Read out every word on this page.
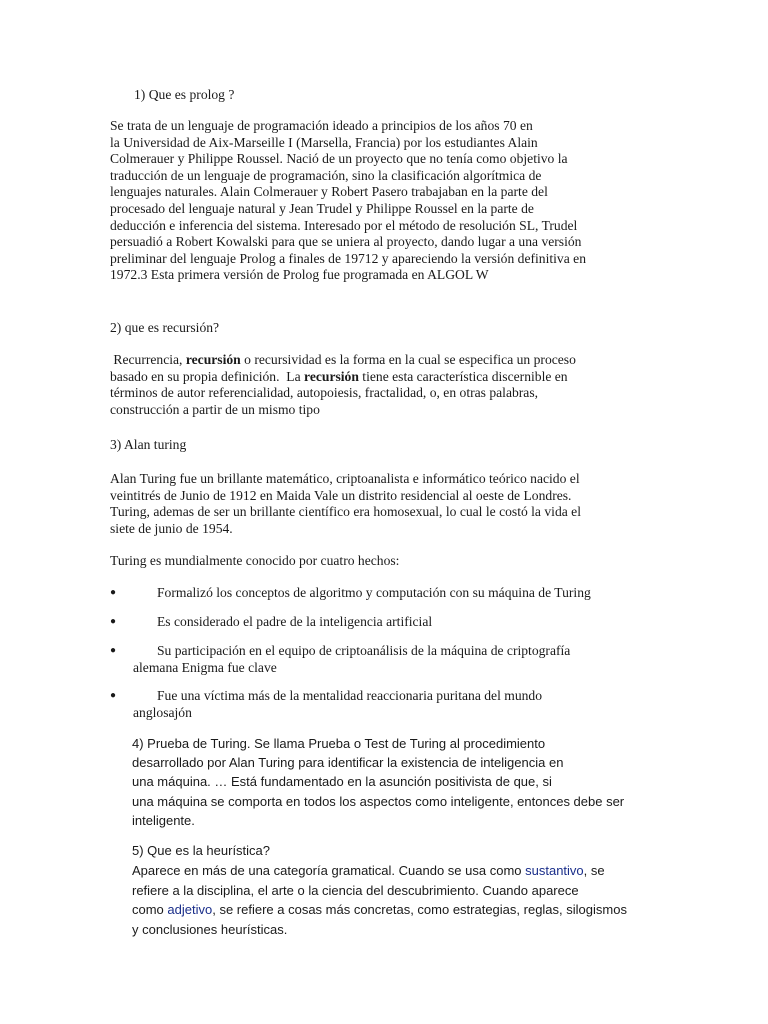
1) Que es prolog ?

Se trata de un lenguaje de programación ideado a principios de los años 70 en
la Universidad de Aix-Marseille I (Marsella, Francia) por los estudiantes Alain
Colmerauer y Philippe Roussel. Nació de un proyecto que no tenía como objetivo la
traducción de un lenguaje de programación, sino la clasificación algorítmica de
lenguajes naturales. Alain Colmerauer y Robert Pasero trabajaban en la parte del
procesado del lenguaje natural y Jean Trudel y Philippe Roussel en la parte de
deducción e inferencia del sistema. Interesado por el método de resolución SL, Trudel
persuadió a Robert Kowalski para que se uniera al proyecto, dando lugar a una versión
preliminar del lenguaje Prolog a finales de 19712 y apareciendo la versión definitiva en
1972.3 Esta primera versión de Prolog fue programada en ALGOL W

2) que es recursión?

Recurrencia, recursión o recursividad es la forma en la cual se especifica un proceso
basado en su propia definición.  La recursión tiene esta característica discernible en
términos de autor referencialidad, autopoiesis, fractalidad, o, en otras palabras,
construcción a partir de un mismo tipo

3) Alan turing

Alan Turing fue un brillante matemático, criptoanalista e informático teórico nacido el
veintitrés de Junio de 1912 en Maida Vale un distrito residencial al oeste de Londres.
Turing, ademas de ser un brillante científico era homosexual, lo cual le costó la vida el
siete de junio de 1954.

Turing es mundialmente conocido por cuatro hechos:

●	Formalizó los conceptos de algoritmo y computación con su máquina de Turing
●	Es considerado el padre de la inteligencia artificial
●	Su participación en el equipo de criptoanálisis de la máquina de criptografía
alemana Enigma fue clave
●	Fue una víctima más de la mentalidad reaccionaria puritana del mundo
anglosajón
4) Prueba de Turing. Se llama Prueba o Test de Turing al procedimiento
desarrollado por Alan Turing para identificar la existencia de inteligencia en
una máquina. … Está fundamentado en la asunción positivista de que, si
una máquina se comporta en todos los aspectos como inteligente, entonces debe ser
inteligente.
5) Que es la heurística?
Aparece en más de una categoría gramatical. Cuando se usa como sustantivo, se
refiere a la disciplina, el arte o la ciencia del descubrimiento. Cuando aparece
como adjetivo, se refiere a cosas más concretas, como estrategias, reglas, silogismos
y conclusiones heurísticas.
